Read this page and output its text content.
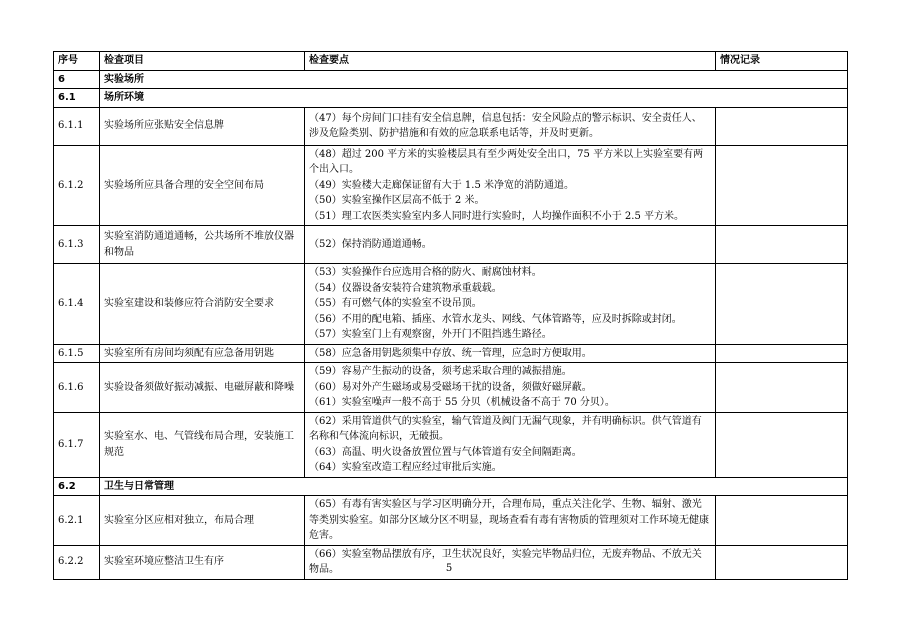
序号	检查项目	检查要点	情况记录
6	实验场所		
6.1	场所环境		
6.1.1	实验场所应张贴安全信息牌	（47）每个房间门口挂有安全信息牌，信息包括：安全风险点的警示标识、安全责任人、涉及危险类别、防护措施和有效的应急联系电话等，并及时更新。	

6.1.2	实验场所应具备合理的安全空间布局	（48）超过 200 平方米的实验楼层具有至少两处安全出口，75 平方米以上实验室要有两个出入口。
（49）实验楼大走廊保证留有大于 1.5 米净宽的消防通道。
（50）实验室操作区层高不低于 2 米。
（51）理工农医类实验室内多人同时进行实验时，人均操作面积不小于 2.5 平方米。	

6.1.3	实验室消防通道通畅，公共场所不堆放仪器和物品	（52）保持消防通道通畅。	

6.1.4	实验室建设和装修应符合消防安全要求	（53）实验操作台应选用合格的防火、耐腐蚀材料。
（54）仪器设备安装符合建筑物承重载载。
（55）有可燃气体的实验室不设吊顶。
（56）不用的配电箱、插座、水管水龙头、网线、气体管路等，应及时拆除或封闭。
（57）实验室门上有观察窗，外开门不阻挡逃生路径。	

6.1.5	实验室所有房间均须配有应急备用钥匙	（58）应急备用钥匙须集中存放、统一管理，应急时方便取用。	

6.1.6	实验设备须做好振动减振、电磁屏蔽和降噪	（59）容易产生振动的设备，须考虑采取合理的减振措施。
（60）易对外产生磁场或易受磁场干扰的设备，须做好磁屏蔽。
（61）实验室噪声一般不高于 55 分贝（机械设备不高于 70 分贝）。	

6.1.7	实验室水、电、气管线布局合理，安装施工规范	（62）采用管道供气的实验室，输气管道及阀门无漏气现象，并有明确标识。供气管道有名称和气体流向标识，无破损。
（63）高温、明火设备放置位置与气体管道有安全间隔距离。
（64）实验室改造工程应经过审批后实施。	

6.2	卫生与日常管理		
6.2.1	实验室分区应相对独立，布局合理	（65）有毒有害实验区与学习区明确分开，合理布局，重点关注化学、生物、辐射、激光等类别实验室。如部分区域分区不明显，现场查看有毒有害物质的管理须对工作环境无健康危害。	

6.2.2	实验室环境应整洁卫生有序	（66）实验室物品摆放有序，卫生状况良好，实验完毕物品归位，无废弃物品、不放无关物品。	
		5
